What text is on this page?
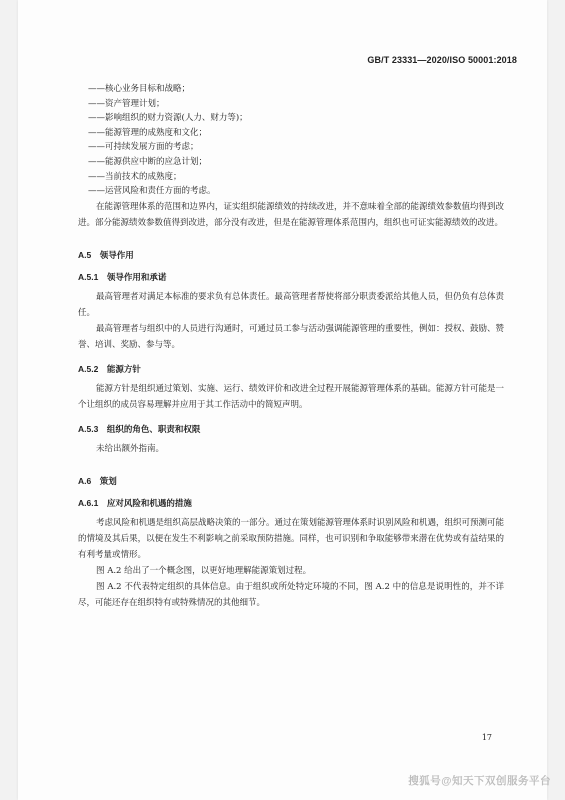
GB/T 23331—2020/ISO 50001:2018
——核心业务目标和战略；
——资产管理计划；
——影响组织的财力资源(人力、财力等)；
——能源管理的成熟度和文化；
——可持续发展方面的考虑；
——能源供应中断的应急计划；
——当前技术的成熟度；
——运营风险和责任方面的考虑。
在能源管理体系的范围和边界内，证实组织能源绩效的持续改进，并不意味着全部的能源绩效参数值均得到改进。部分能源绩效参数值得到改进，部分没有改进，但是在能源管理体系范围内，组织也可证实能源绩效的改进。
A.5　领导作用
A.5.1　领导作用和承诺
最高管理者对满足本标准的要求负有总体责任。最高管理者帮使将部分职责委派给其他人员，但仍负有总体责任。
最高管理者与组织中的人员进行沟通时，可通过员工参与活动强调能源管理的重要性，例如：授权、鼓励、赞誉、培训、奖励、参与等。
A.5.2　能源方针
能源方针是组织通过策划、实施、运行、绩效评价和改进全过程开展能源管理体系的基础。能源方针可能是一个让组织的成员容易理解并应用于其工作活动中的简短声明。
A.5.3　组织的角色、职责和权限
未给出额外指南。
A.6　策划
A.6.1　应对风险和机遇的措施
考虑风险和机遇是组织高层战略决策的一部分。通过在策划能源管理体系时识别风险和机遇，组织可预测可能的情境及其后果，以便在发生不利影响之前采取预防措施。同样，也可识别和争取能够带来潜在优势或有益结果的有利考量或情形。
图 A.2 给出了一个概念图，以更好地理解能源策划过程。
图 A.2 不代表特定组织的具体信息。由于组织或所处特定环境的不同，图 A.2 中的信息是说明性的，并不详尽，可能还存在组织特有或特殊情况的其他细节。
17
搜狐号@知天下双创服务平台
